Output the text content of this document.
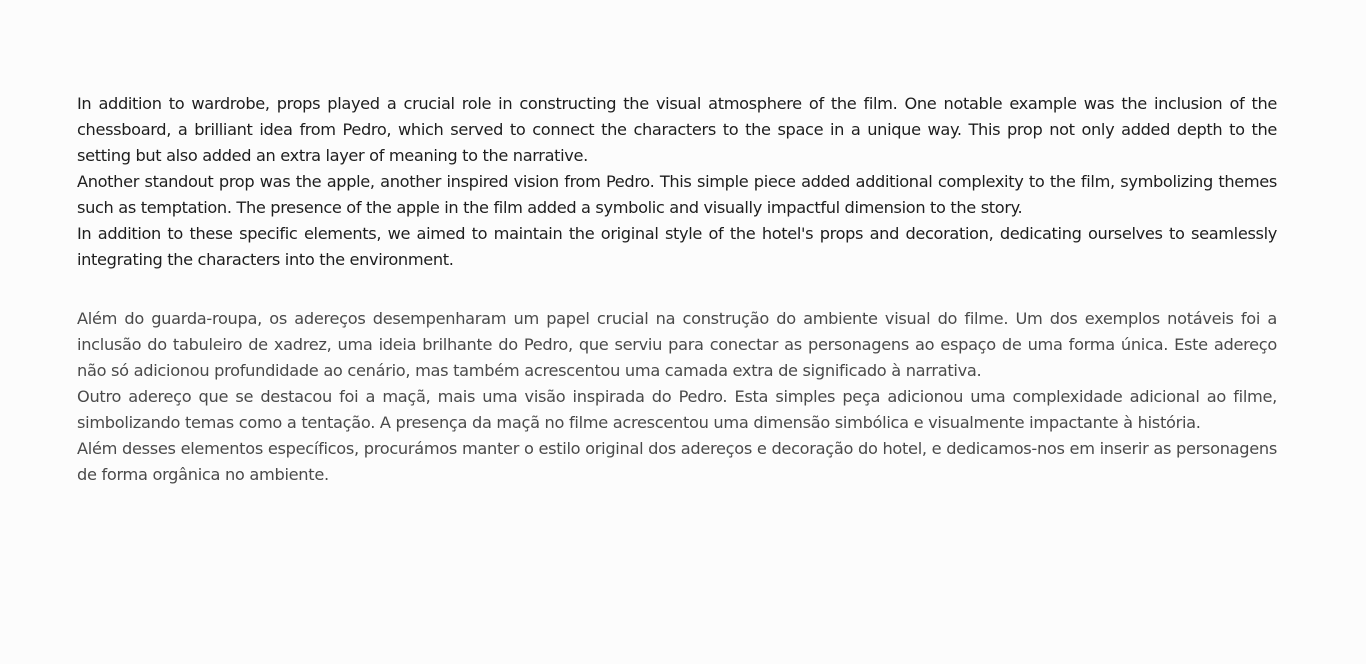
In addition to wardrobe, props played a crucial role in constructing the visual atmosphere of the film. One notable example was the inclusion of the chessboard, a brilliant idea from Pedro, which served to connect the characters to the space in a unique way. This prop not only added depth to the setting but also added an extra layer of meaning to the narrative.

Another standout prop was the apple, another inspired vision from Pedro. This simple piece added additional complexity to the film, symbolizing themes such as temptation. The presence of the apple in the film added a symbolic and visually impactful dimension to the story.

In addition to these specific elements, we aimed to maintain the original style of the hotel's props and decoration, dedicating ourselves to seamlessly integrating the characters into the environment.

Além do guarda-roupa, os adereços desempenharam um papel crucial na construção do ambiente visual do filme. Um dos exemplos notáveis foi a inclusão do tabuleiro de xadrez, uma ideia brilhante do Pedro, que serviu para conectar as personagens ao espaço de uma forma única. Este adereço não só adicionou profundidade ao cenário, mas também acrescentou uma camada extra de significado à narrativa.

Outro adereço que se destacou foi a maçã, mais uma visão inspirada do Pedro. Esta simples peça adicionou uma complexidade adicional ao filme, simbolizando temas como a tentação. A presença da maçã no filme acrescentou uma dimensão simbólica e visualmente impactante à história.

Além desses elementos específicos, procurámos manter o estilo original dos adereços e decoração do hotel, e dedicamos-nos em inserir as personagens de forma orgânica no ambiente.
